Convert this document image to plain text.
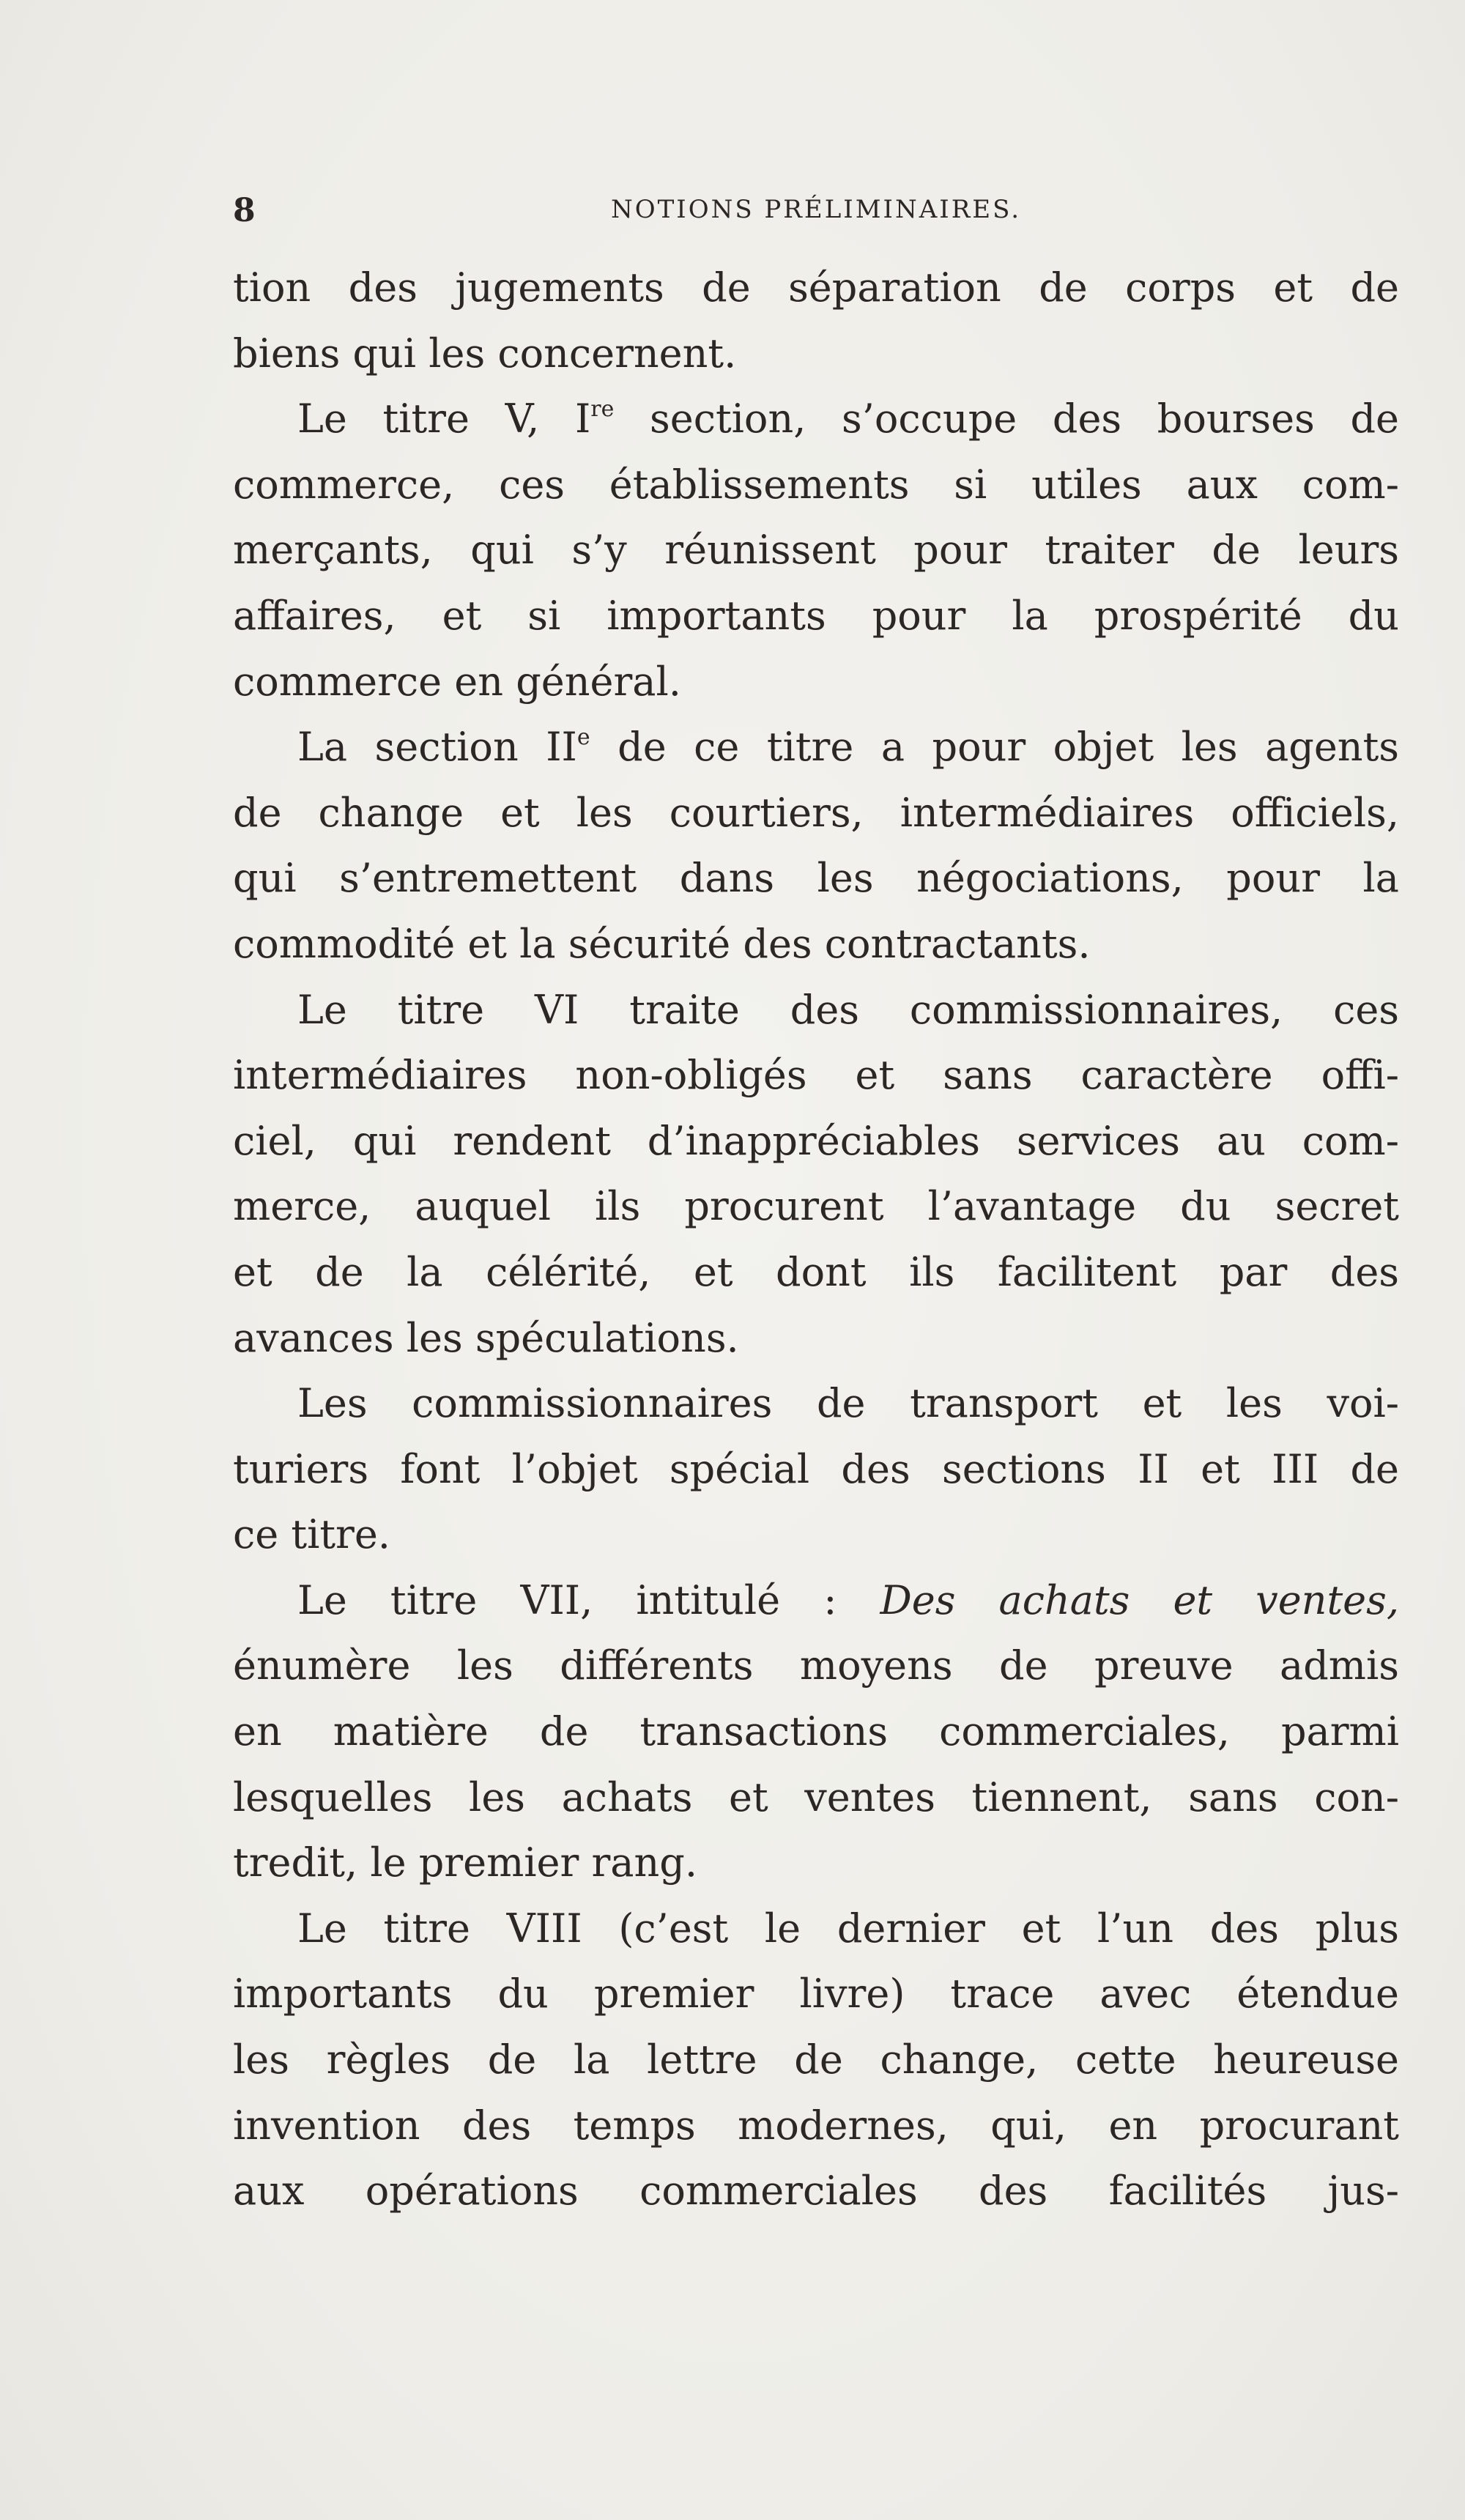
8	NOTIONS PRÉLIMINAIRES.
tion des jugements de séparation de corps et de
biens qui les concernent.
Le titre V, Ire section, s’occupe des bourses de
commerce, ces établissements si utiles aux com-
merçants, qui s’y réunissent pour traiter de leurs
affaires, et si importants pour la prospérité du
commerce en général.
La section IIe de ce titre a pour objet les agents
de change et les courtiers, intermédiaires officiels,
qui s’entremettent dans les négociations, pour la
commodité et la sécurité des contractants.
Le titre VI traite des commissionnaires, ces
intermédiaires non-obligés et sans caractère offi-
ciel, qui rendent d’inappréciables services au com-
merce, auquel ils procurent l’avantage du secret
et de la célérité, et dont ils facilitent par des
avances les spéculations.
Les commissionnaires de transport et les voi-
turiers font l’objet spécial des sections II et III de
ce titre.
Le titre VII, intitulé : Des achats et ventes,
énumère les différents moyens de preuve admis
en matière de transactions commerciales, parmi
lesquelles les achats et ventes tiennent, sans con-
tredit, le premier rang.
Le titre VIII (c’est le dernier et l’un des plus
importants du premier livre) trace avec étendue
les règles de la lettre de change, cette heureuse
invention des temps modernes, qui, en procurant
aux opérations commerciales des facilités jus-
